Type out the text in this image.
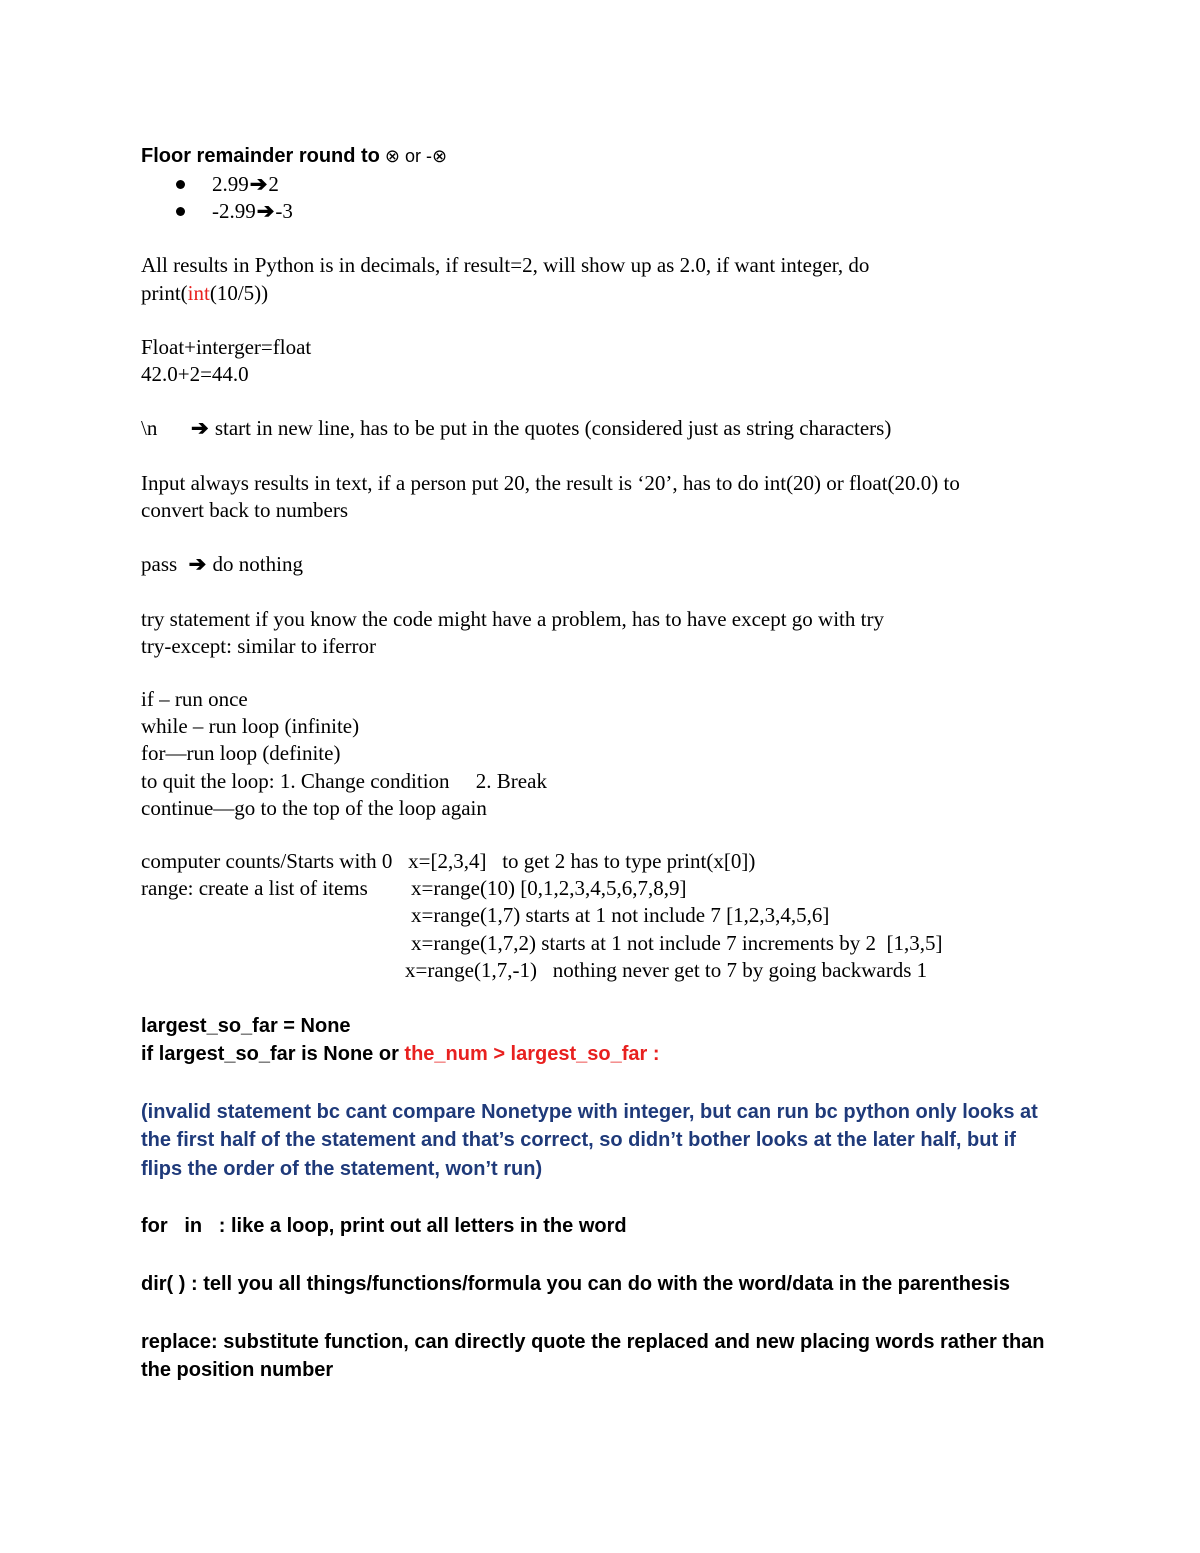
Floor remainder round to ⊗ or -⊗
2.99➔2
-2.99➔-3
All results in Python is in decimals, if result=2, will show up as 2.0, if want integer, do
print(int(10/5))
Float+interger=float
42.0+2=44.0
\n ➔ start in new line, has to be put in the quotes (considered just as string characters)
Input always results in text, if a person put 20, the result is ‘20’, has to do int(20) or float(20.0) to
convert back to numbers
pass ➔ do nothing
try statement if you know the code might have a problem, has to have except go with try
try-except: similar to iferror
if – run once
while – run loop (infinite)
for—run loop (definite)
to quit the loop: 1. Change condition     2. Break
continue—go to the top of the loop again
computer counts/Starts with 0   x=[2,3,4]   to get 2 has to type print(x[0])
range: create a list of items x=range(10) [0,1,2,3,4,5,6,7,8,9]
x=range(1,7) starts at 1 not include 7 [1,2,3,4,5,6]
x=range(1,7,2) starts at 1 not include 7 increments by 2  [1,3,5]
x=range(1,7,-1)   nothing never get to 7 by going backwards 1
largest_so_far = None
if largest_so_far is None or the_num > largest_so_far :
(invalid statement bc cant compare Nonetype with integer, but can run bc python only looks at
the first half of the statement and that’s correct, so didn’t bother looks at the later half, but if
flips the order of the statement, won’t run)
for   in   : like a loop, print out all letters in the word
dir( ) : tell you all things/functions/formula you can do with the word/data in the parenthesis
replace: substitute function, can directly quote the replaced and new placing words rather than
the position number
